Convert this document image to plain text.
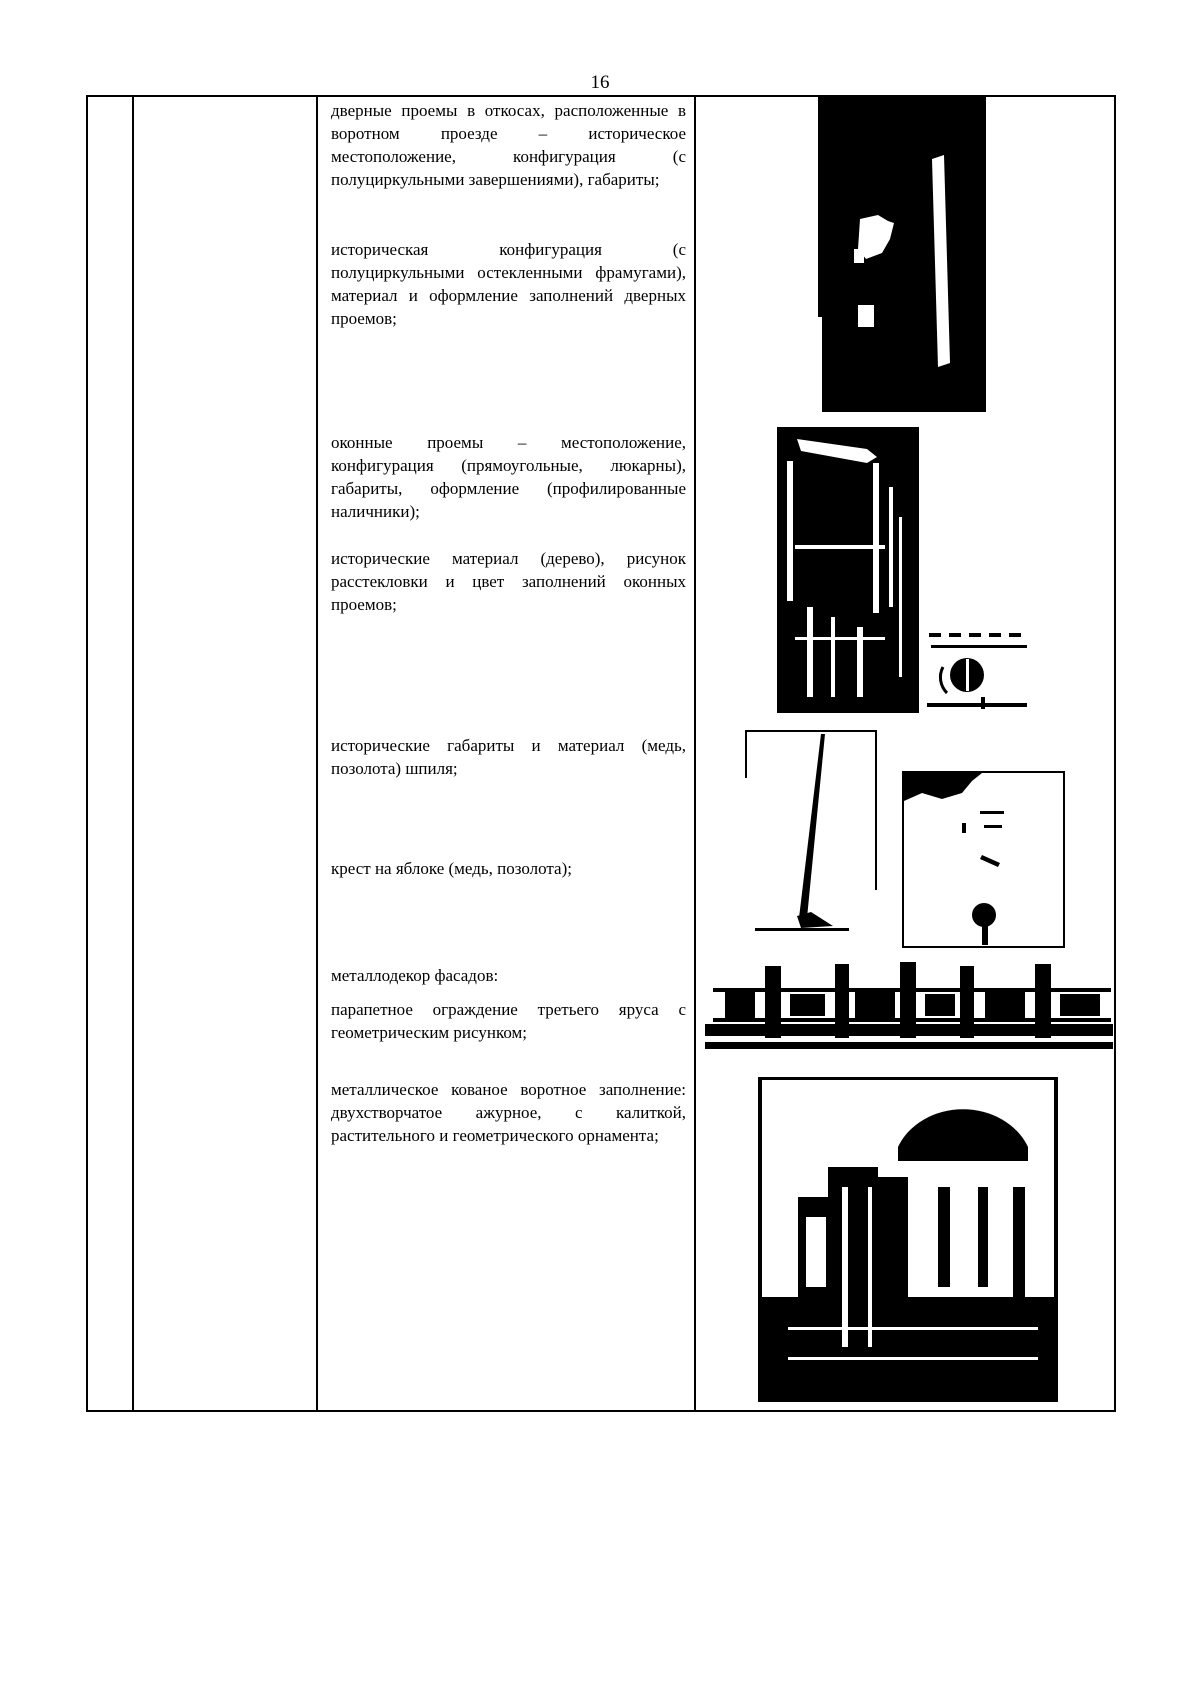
16
дверные проемы в откосах, расположенные в воротном проезде – историческое местоположение, конфигурация (с полуциркульными завершениями), габариты;
историческая конфигурация (с полуциркульными остекленными фрамугами), материал и оформление заполнений дверных проемов;
оконные проемы – местоположение, конфигурация (прямоугольные, люкарны), габариты, оформление (профилированные наличники);
исторические материал (дерево), рисунок расстекловки и цвет заполнений оконных проемов;
исторические габариты и материал (медь, позолота) шпиля;
крест на яблоке (медь, позолота);
металлодекор фасадов:
парапетное ограждение третьего яруса с геометрическим рисунком;
металлическое кованое воротное заполнение: двухстворчатое ажурное, с калиткой, растительного и геометрического орнамента;
